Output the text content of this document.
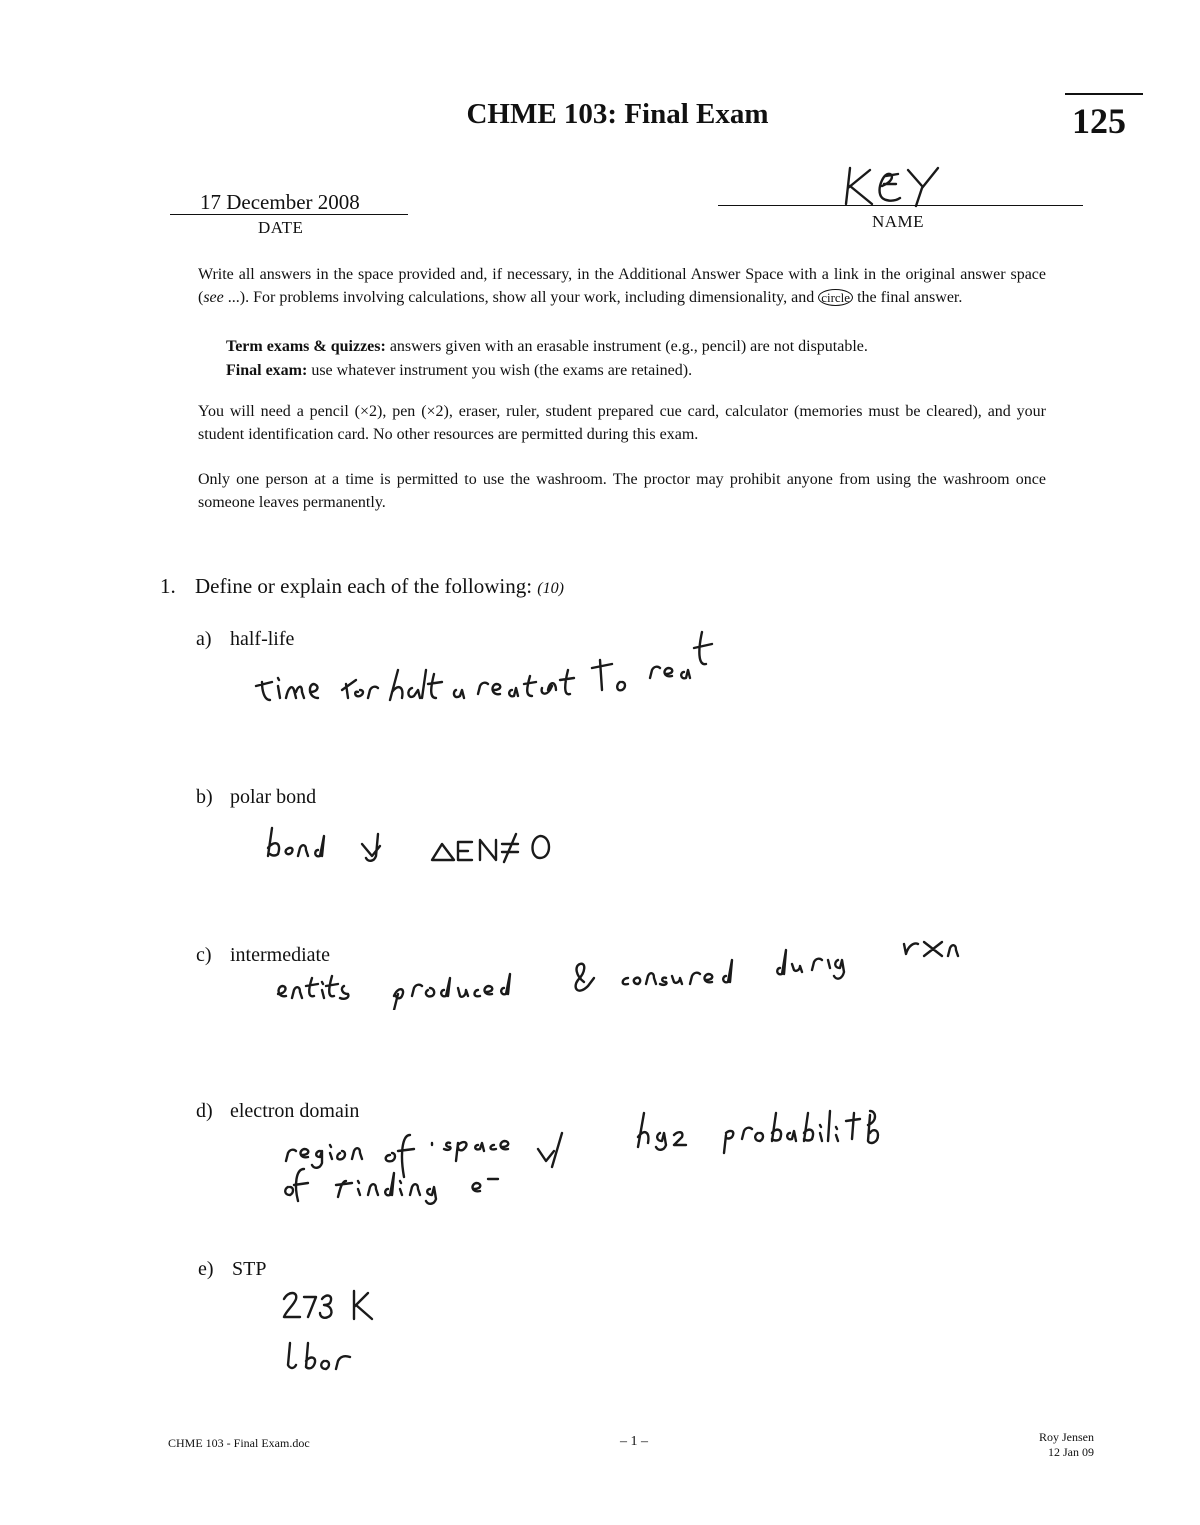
CHME 103: Final Exam	125
17 December 2008
DATE	NAME
Write all answers in the space provided and, if necessary, in the Additional Answer Space with a link in the original answer space (see ...). For problems involving calculations, show all your work, including dimensionality, and circle the final answer.
Term exams & quizzes: answers given with an erasable instrument (e.g., pencil) are not disputable.
Final exam: use whatever instrument you wish (the exams are retained).
You will need a pencil (×2), pen (×2), eraser, ruler, student prepared cue card, calculator (memories must be cleared), and your student identification card. No other resources are permitted during this exam.
Only one person at a time is permitted to use the washroom. The proctor may prohibit anyone from using the washroom once someone leaves permanently.
1. Define or explain each of the following: (10)
a) half-life
b) polar bond
c) intermediate
d) electron domain
e) STP
CHME 103 - Final Exam.doc	– 1 –	Roy Jensen
12 Jan 09
